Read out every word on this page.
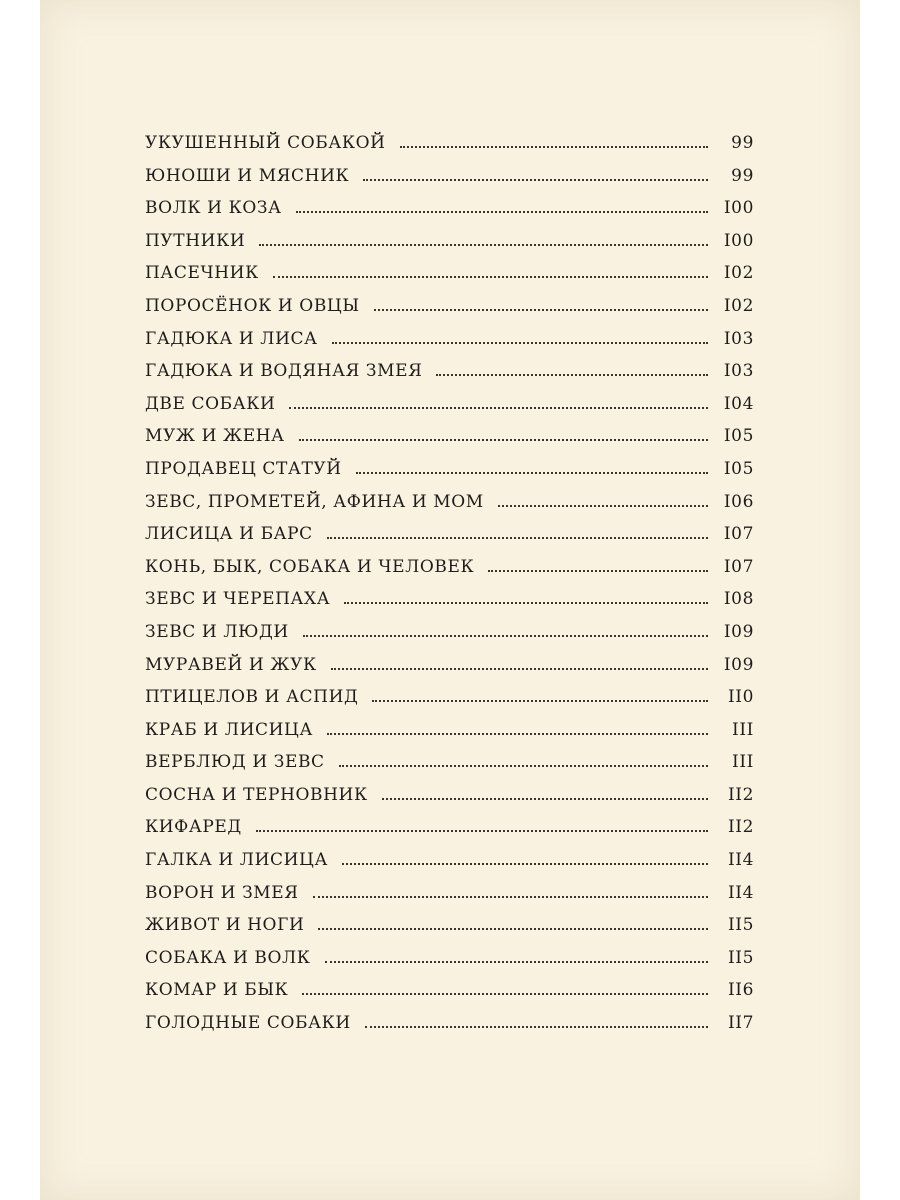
УКУШЕННЫЙ СОБАКОЙ	99
ЮНОШИ И МЯСНИК	99
ВОЛК И КОЗА	I00
ПУТНИКИ	I00
ПАСЕЧНИК	I02
ПОРОСЁНОК И ОВЦЫ	I02
ГАДЮКА И ЛИСА	I03
ГАДЮКА И ВОДЯНАЯ ЗМЕЯ	I03
ДВЕ СОБАКИ	I04
МУЖ И ЖЕНА	I05
ПРОДАВЕЦ СТАТУЙ	I05
ЗЕВС, ПРОМЕТЕЙ, АФИНА И МОМ	I06
ЛИСИЦА И БАРС	I07
КОНЬ, БЫК, СОБАКА И ЧЕЛОВЕК	I07
ЗЕВС И ЧЕРЕПАХА	I08
ЗЕВС И ЛЮДИ	I09
МУРАВЕЙ И ЖУК	I09
ПТИЦЕЛОВ И АСПИД	II0
КРАБ И ЛИСИЦА	III
ВЕРБЛЮД И ЗЕВС	III
СОСНА И ТЕРНОВНИК	II2
КИФАРЕД	II2
ГАЛКА И ЛИСИЦА	II4
ВОРОН И ЗМЕЯ	II4
ЖИВОТ И НОГИ	II5
СОБАКА И ВОЛК	II5
КОМАР И БЫК	II6
ГОЛОДНЫЕ СОБАКИ	II7
